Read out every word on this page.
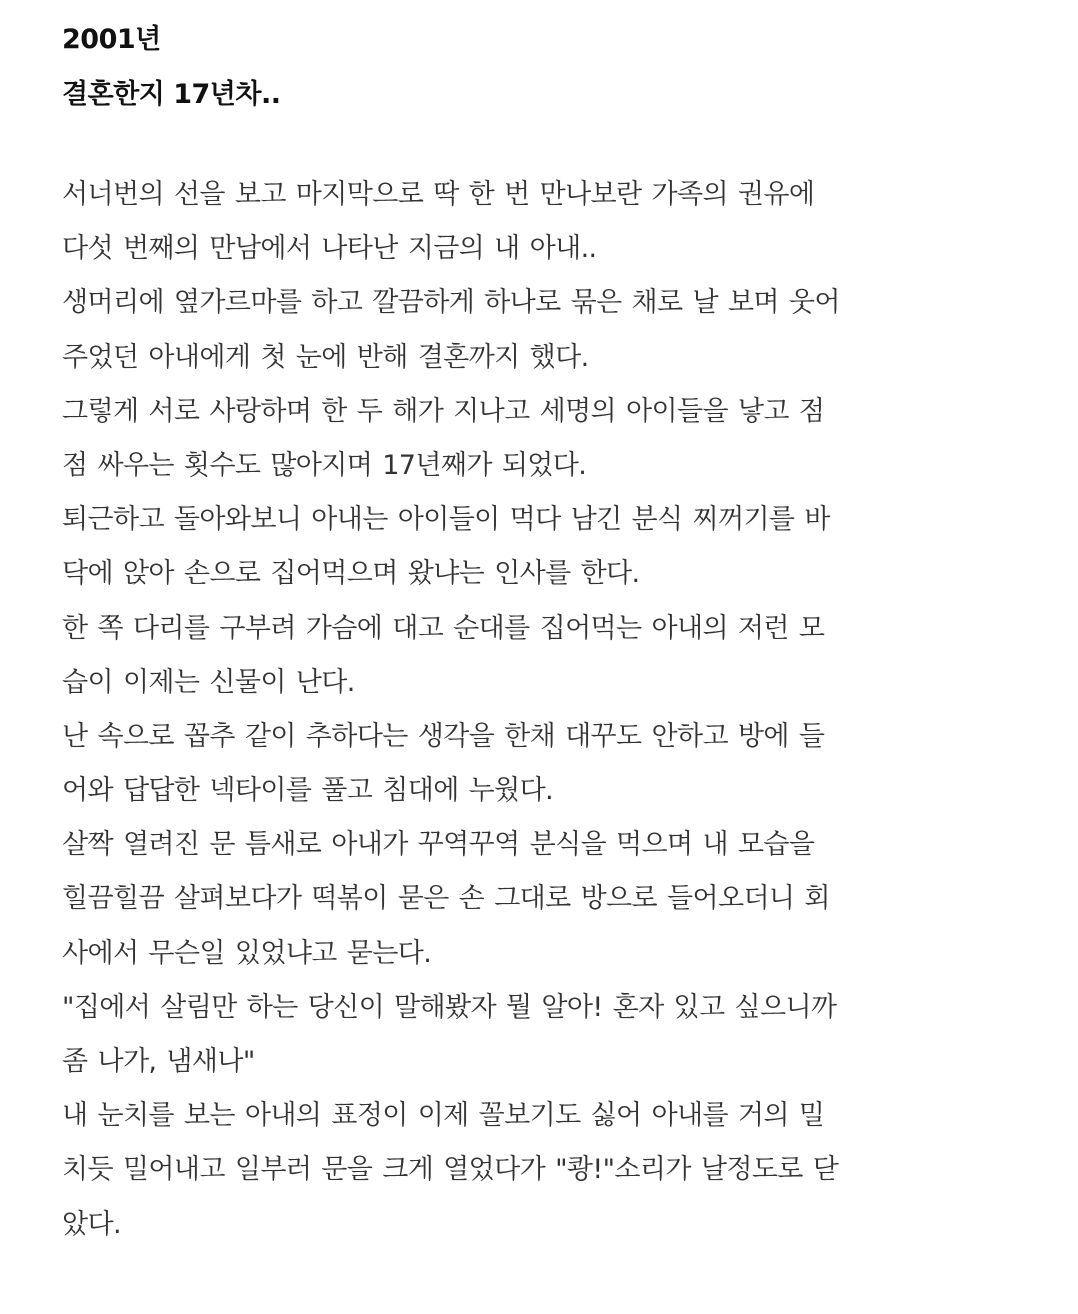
2001년
결혼한지 17년차..
서너번의 선을 보고 마지막으로 딱 한 번 만나보란 가족의 권유에
다섯 번째의 만남에서 나타난 지금의 내 아내..
생머리에 옆가르마를 하고 깔끔하게 하나로 묶은 채로 날 보며 웃어
주었던 아내에게 첫 눈에 반해 결혼까지 했다.
그렇게 서로 사랑하며 한 두 해가 지나고 세명의 아이들을 낳고 점
점 싸우는 횟수도 많아지며 17년째가 되었다.
퇴근하고 돌아와보니 아내는 아이들이 먹다 남긴 분식 찌꺼기를 바
닥에 앉아 손으로 집어먹으며 왔냐는 인사를 한다.
한 쪽 다리를 구부려 가슴에 대고 순대를 집어먹는 아내의 저런 모
습이 이제는 신물이 난다.
난 속으로 꼽추 같이 추하다는 생각을 한채 대꾸도 안하고 방에 들
어와 답답한 넥타이를 풀고 침대에 누웠다.
살짝 열려진 문 틈새로 아내가 꾸역꾸역 분식을 먹으며 내 모습을
힐끔힐끔 살펴보다가 떡볶이 묻은 손 그대로 방으로 들어오더니 회
사에서 무슨일 있었냐고 묻는다.
"집에서 살림만 하는 당신이 말해봤자 뭘 알아! 혼자 있고 싶으니까
좀 나가, 냄새나"
내 눈치를 보는 아내의 표정이 이제 꼴보기도 싫어 아내를 거의 밀
치듯 밀어내고 일부러 문을 크게 열었다가 "쾅!"소리가 날정도로 닫
았다.
